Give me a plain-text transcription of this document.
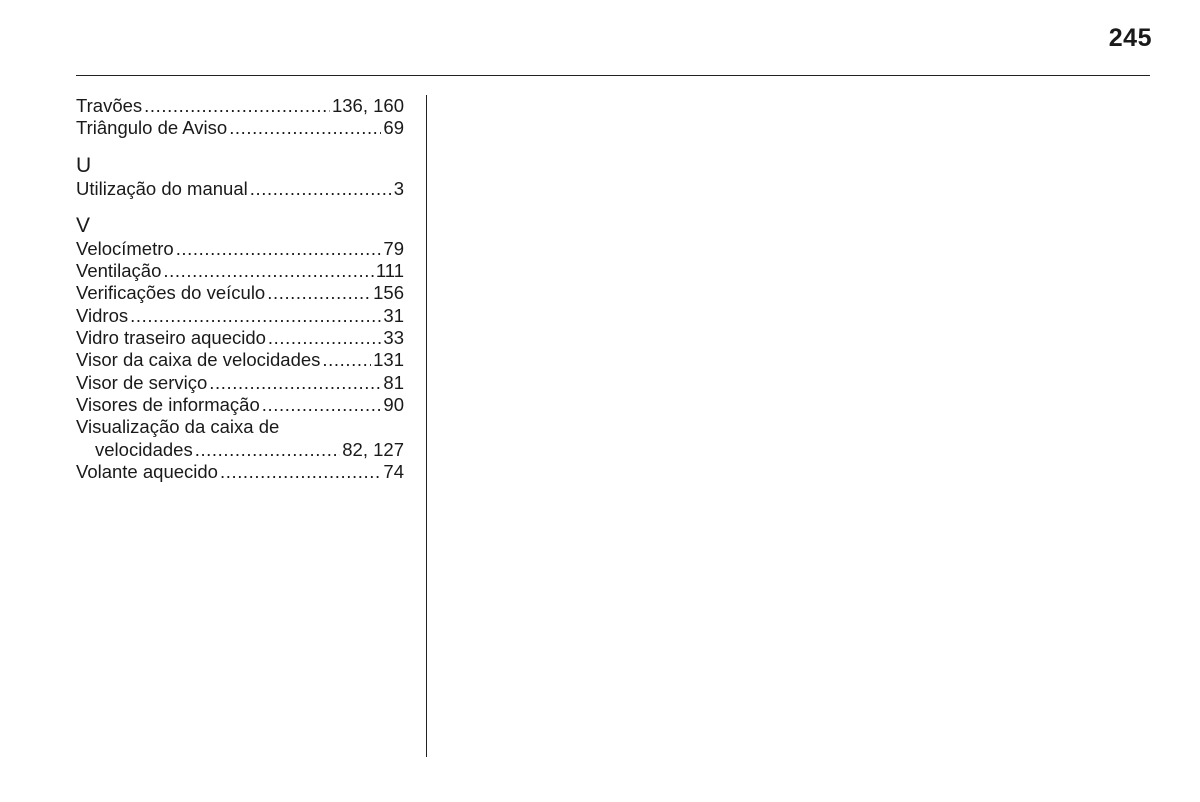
245
Travões .....	136, 160
Triângulo de Aviso .....	69
U
Utilização do manual .....	3
V
Velocímetro .....	79
Ventilação .....	111
Verificações do veículo .....	156
Vidros .....	31
Vidro traseiro aquecido .....	33
Visor da caixa de velocidades .....	131
Visor de serviço .....	81
Visores de informação .....	90
Visualização da caixa de
velocidades .....	82, 127
Volante aquecido .....	74
